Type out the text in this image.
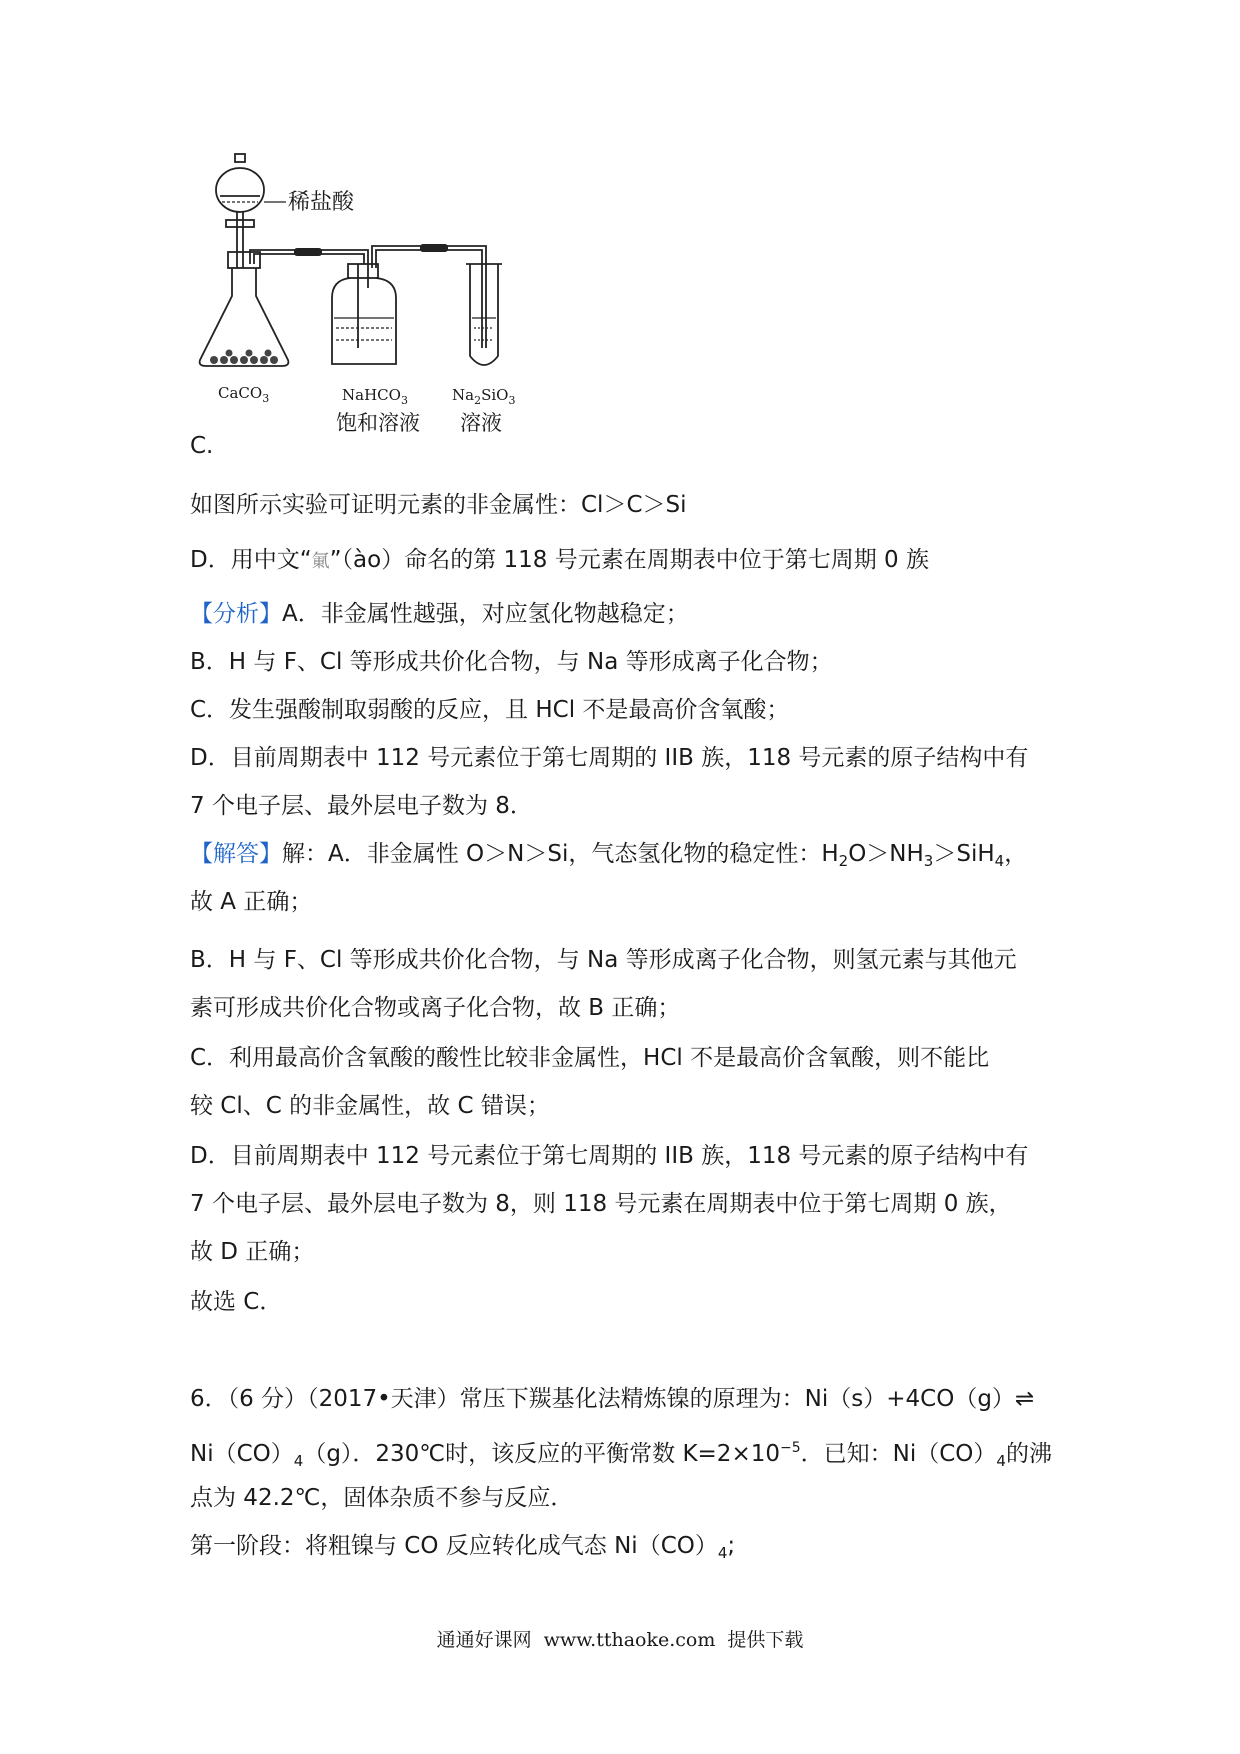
稀盐酸
CaCO$_3$	NaHCO$_3$
饱和溶液
$Na_2SiO_3$
溶液
C.
如图所示实验可证明元素的非金属性：Cl＞C＞Si
D．用中文“氭”（ào）命名的第 118 号元素在周期表中位于第七周期 0 族
【分析】A．非金属性越强，对应氢化物越稳定；
B．H 与 F、Cl 等形成共价化合物，与 Na 等形成离子化合物；
C．发生强酸制取弱酸的反应，且 HCl 不是最高价含氧酸；
D．目前周期表中 112 号元素位于第七周期的 IIB 族，118 号元素的原子结构中有
7 个电子层、最外层电子数为 8．
【解答】解：A．非金属性 O＞N＞Si，气态氢化物的稳定性：$H_2O>NH_3>SiH_4$，
故 A 正确；
B．H 与 F、Cl 等形成共价化合物，与 Na 等形成离子化合物，则氢元素与其他元
素可形成共价化合物或离子化合物，故 B 正确；
C．利用最高价含氧酸的酸性比较非金属性，HCl 不是最高价含氧酸，则不能比
较 Cl、C 的非金属性，故 C 错误；
D．目前周期表中 112 号元素位于第七周期的 IIB 族，118 号元素的原子结构中有
7 个电子层、最外层电子数为 8，则 118 号元素在周期表中位于第七周期 0 族，
故 D 正确；
故选 C．
6．（6 分）（2017•天津）常压下羰基化法精炼镍的原理为：Ni（s）+4CO（g）⇌
$Ni(CO)_4(g)$．230℃时，该反应的平衡常数 $K=2\times 10^{-5}$．已知：$Ni(CO)_4$的沸
点为 42.2℃，固体杂质不参与反应．
第一阶段：将粗镍与 CO 反应转化成气态 $Ni(CO)_4$;
通通好课网 www.tthaoke.com 提供下载
